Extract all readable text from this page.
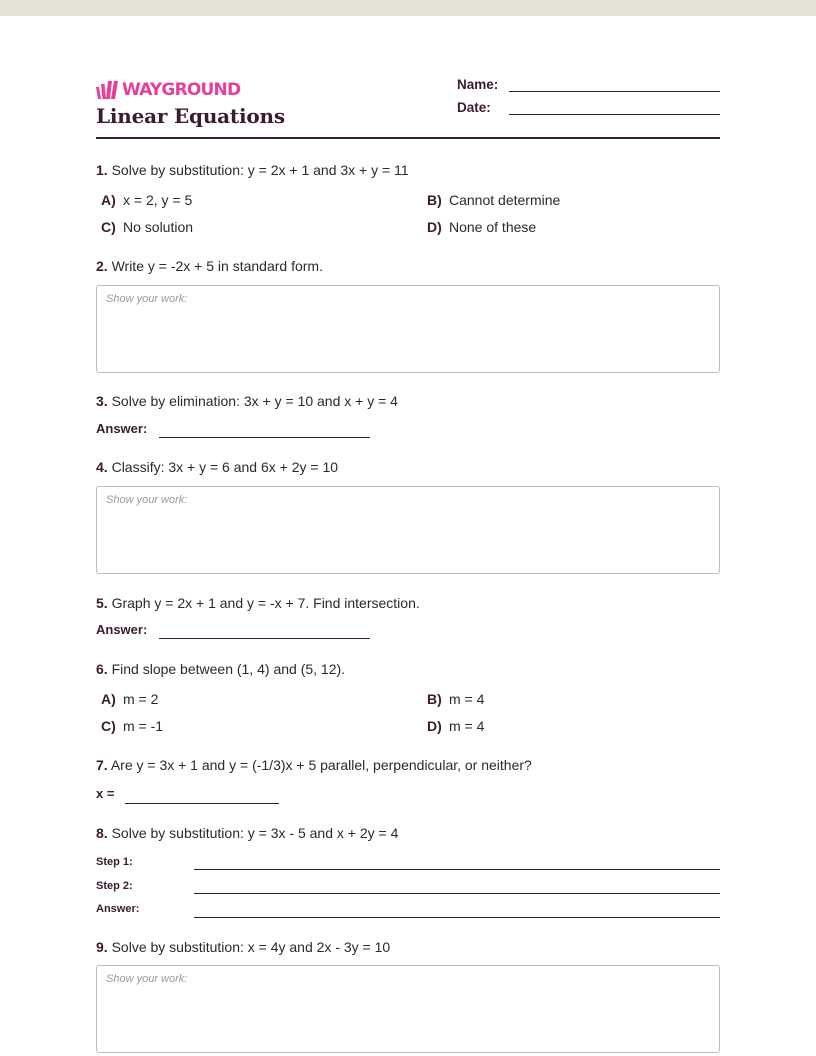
WAYGROUND
Linear Equations
Name:
Date:
1. Solve by substitution: y = 2x + 1 and 3x + y = 11
A) x = 2, y = 5	B) Cannot determine
C) No solution	D) None of these
2. Write y = -2x + 5 in standard form.
Show your work:
3. Solve by elimination: 3x + y = 10 and x + y = 4
Answer:
4. Classify: 3x + y = 6 and 6x + 2y = 10
Show your work:
5. Graph y = 2x + 1 and y = -x + 7. Find intersection.
Answer:
6. Find slope between (1, 4) and (5, 12).
A) m = 2	B) m = 4
C) m = -1	D) m = 4
7. Are y = 3x + 1 and y = (-1/3)x + 5 parallel, perpendicular, or neither?
x =
8. Solve by substitution: y = 3x - 5 and x + 2y = 4
Step 1:
Step 2:
Answer:
9. Solve by substitution: x = 4y and 2x - 3y = 10
Show your work:
